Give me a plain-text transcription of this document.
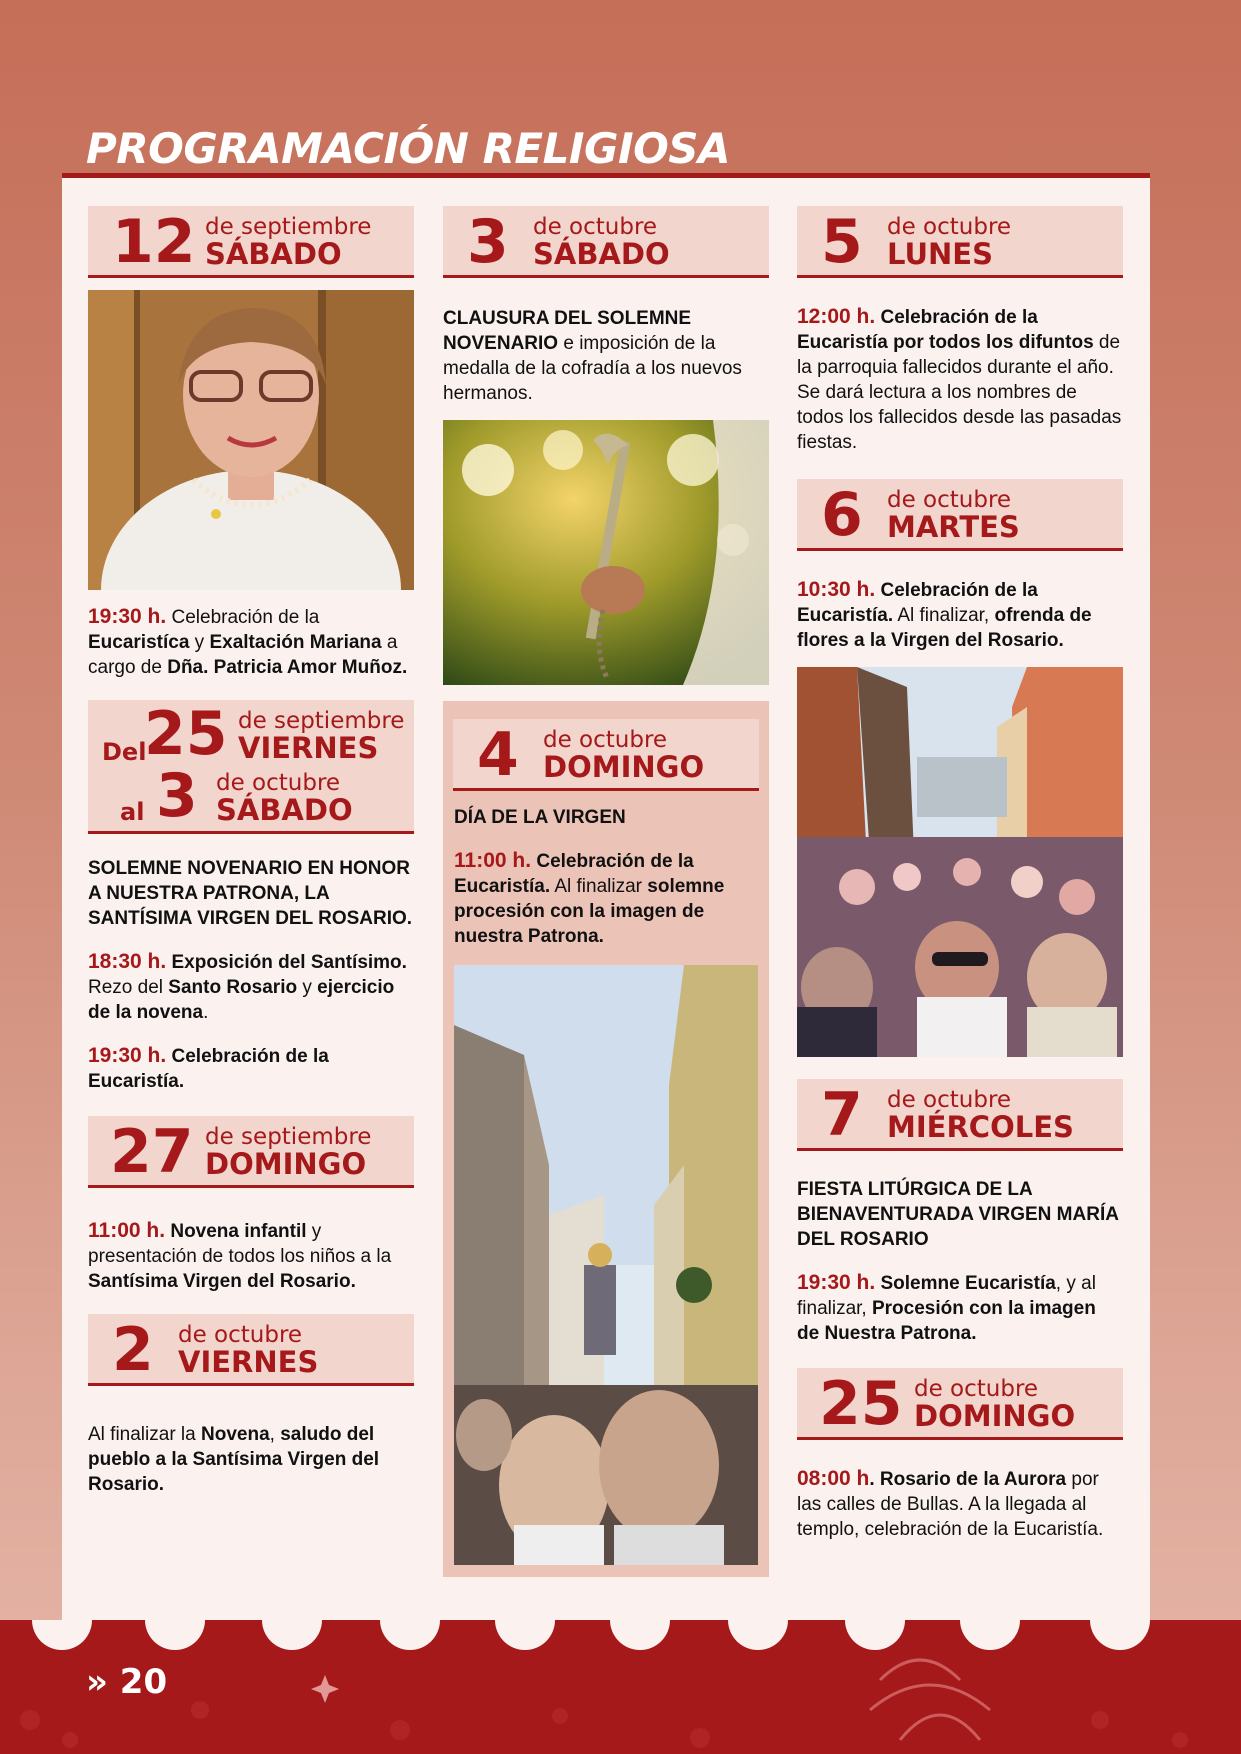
PROGRAMACIÓN RELIGIOSA
12 de septiembre
SÁBADO
19:30 h. Celebración de la Eucaristíca y Exaltación Mariana a cargo de Dña. Patricia Amor Muñoz.
Del
25 de septiembre
VIERNES
al 3 de octubre
SÁBADO
SOLEMNE NOVENARIO EN HONOR A NUESTRA PATRONA, LA SANTÍSIMA VIRGEN DEL ROSARIO.
18:30 h. Exposición del Santísimo. Rezo del Santo Rosario y ejercicio de la novena.
19:30 h. Celebración de la Eucaristía.
27 de septiembre
DOMINGO
11:00 h. Novena infantil y presentación de todos los niños a la Santísima Virgen del Rosario.
2 de octubre
VIERNES
Al finalizar la Novena, saludo del pueblo a la Santísima Virgen del Rosario.
3 de octubre
SÁBADO
CLAUSURA DEL SOLEMNE NOVENARIO e imposición de la medalla de la cofradía a los nuevos hermanos.
4 de octubre
DOMINGO
DÍA DE LA VIRGEN
11:00 h. Celebración de la Eucaristía. Al finalizar solemne procesión con la imagen de nuestra Patrona.
5 de octubre
LUNES
12:00 h. Celebración de la Eucaristía por todos los difuntos de la parroquia fallecidos durante el año. Se dará lectura a los nombres de todos los fallecidos desde las pasadas fiestas.
6 de octubre
MARTES
10:30 h. Celebración de la Eucaristía. Al finalizar, ofrenda de flores a la Virgen del Rosario.
7 de octubre
MIÉRCOLES
FIESTA LITÚRGICA DE LA BIENAVENTURADA VIRGEN MARÍA DEL ROSARIO
19:30 h. Solemne Eucaristía, y al finalizar, Procesión con la imagen de Nuestra Patrona.
25 de octubre
DOMINGO
08:00 h. Rosario de la Aurora por las calles de Bullas. A la llegada al templo, celebración de la Eucaristía.
» 20
